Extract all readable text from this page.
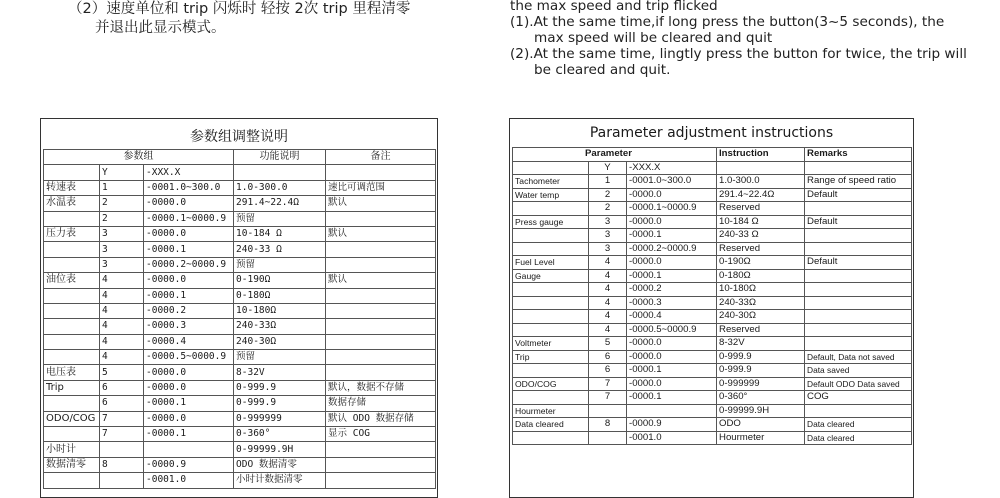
（2）速度单位和 trip 闪烁时 轻按 2次 trip 里程清零
并退出此显示模式。
the max speed and trip flicked
(1).At the same time,if long press the button(3~5 seconds), the
max speed will be cleared and quit
(2).At the same time, lingtly press the button for twice, the trip will
be cleared and quit.
参数组调整说明
参数组			功能说明	备注
	Y	-XXX.X		
转速表	1	-0001.0~300.0	1.0-300.0	速比可调范围
水温表	2	-0000.0	291.4~22.4Ω	默认
	2	-0000.1~0000.9	预留	
压力表	3	-0000.0	10-184 Ω	默认
	3	-0000.1	240-33 Ω	
	3	-0000.2~0000.9	预留	
油位表	4	-0000.0	0-190Ω	默认
	4	-0000.1	0-180Ω	
	4	-0000.2	10-180Ω	
	4	-0000.3	240-33Ω	
	4	-0000.4	240-30Ω	
	4	-0000.5~0000.9	预留	
电压表	5	-0000.0	8-32V	
Trip	6	-0000.0	0-999.9	默认，数据不存储
	6	-0000.1	0-999.9	数据存储
ODO/COG	7	-0000.0	0-999999	默认 ODO 数据存储
	7	-0000.1	0-360°	显示 COG
小时计			0-99999.9H	
数据清零	8	-0000.9	ODO 数据清零	
		-0001.0	小时计数据清零	
Parameter adjustment instructions
Parameter			Instruction	Remarks
	Y	-XXX.X		
Tachometer	1	-0001.0~300.0	1.0-300.0	Range of speed ratio
Water temp	2	-0000.0	291.4~22.4Ω	Default
	2	-0000.1~0000.9	Reserved	
Press gauge	3	-0000.0	10-184 Ω	Default
	3	-0000.1	240-33 Ω	
	3	-0000.2~0000.9	Reserved	
Fuel Level	4	-0000.0	0-190Ω	Default
Gauge	4	-0000.1	0-180Ω	
	4	-0000.2	10-180Ω	
	4	-0000.3	240-33Ω	
	4	-0000.4	240-30Ω	
	4	-0000.5~0000.9	Reserved	
Voltmeter	5	-0000.0	8-32V	
Trip	6	-0000.0	0-999.9	Default, Data not saved
	6	-0000.1	0-999.9	Data saved
ODO/COG	7	-0000.0	0-999999	Default ODO Data saved
	7	-0000.1	0-360°	COG
Hourmeter			0-99999.9H	
Data cleared	8	-0000.9	ODO	Data cleared
		-0001.0	Hourmeter	Data cleared
